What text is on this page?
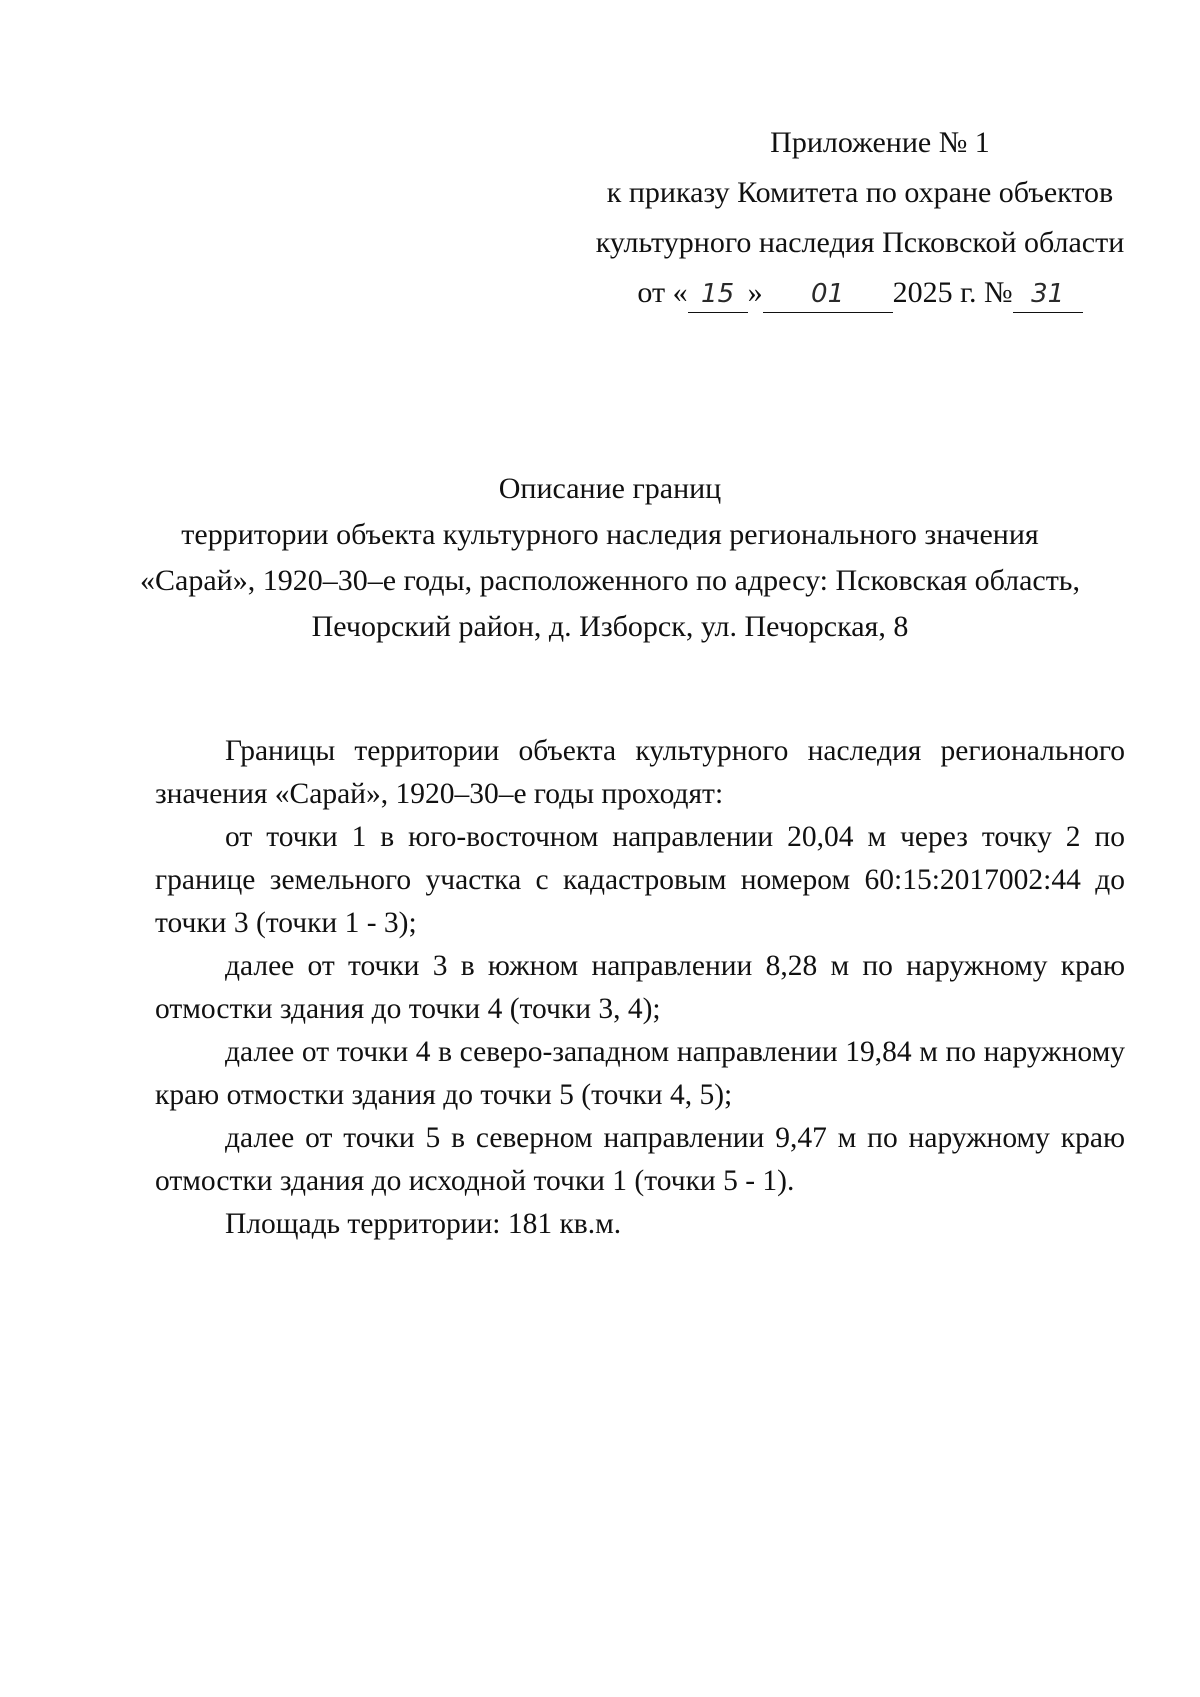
Приложение № 1
к приказу Комитета по охране объектов
культурного наследия Псковской области
от « 15 » 01 2025 г. № 31
Описание границ
территории объекта культурного наследия регионального значения
«Сарай», 1920–30–е годы, расположенного по адресу: Псковская область,
Печорский район, д. Изборск, ул. Печорская, 8

Границы территории объекта культурного наследия регионального значения «Сарай», 1920–30–е годы проходят:

от точки 1 в юго-восточном направлении 20,04 м через точку 2 по границе земельного участка с кадастровым номером 60:15:2017002:44 до точки 3 (точки 1 - 3);

далее от точки 3 в южном направлении 8,28 м по наружному краю отмостки здания до точки 4 (точки 3, 4);

далее от точки 4 в северо-западном направлении 19,84 м по наружному краю отмостки здания до точки 5 (точки 4, 5);

далее от точки 5 в северном направлении 9,47 м по наружному краю отмостки здания до исходной точки 1 (точки 5 - 1).

Площадь территории: 181 кв.м.
